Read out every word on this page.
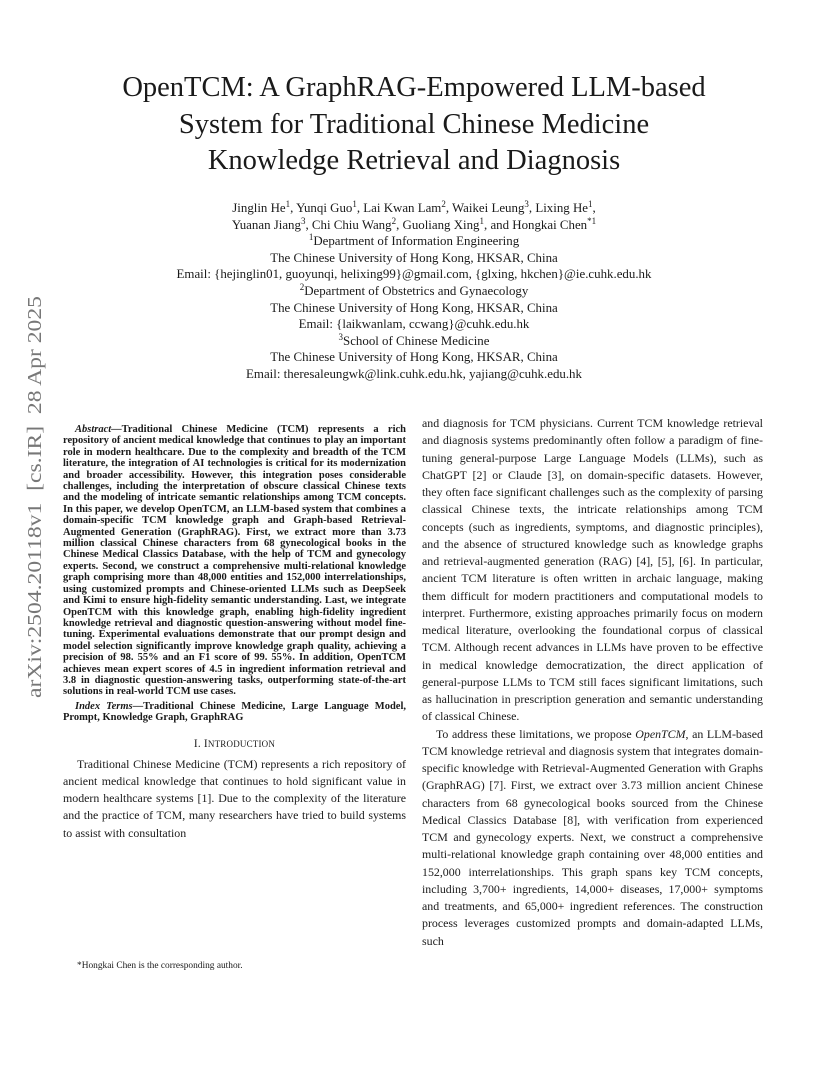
arXiv:2504.20118v1  [cs.IR]  28 Apr 2025
OpenTCM: A GraphRAG-Empowered LLM-based
System for Traditional Chinese Medicine
Knowledge Retrieval and Diagnosis
Jinglin He$^1$, Yunqi Guo$^1$, Lai Kwan Lam$^2$, Waikei Leung$^3$, Lixing He$^1$,
Yuanan Jiang$^3$, Chi Chiu Wang$^2$, Guoliang Xing$^1$, and Hongkai Chen$^{*1}$
$^1$Department of Information Engineering
The Chinese University of Hong Kong, HKSAR, China
Email: {hejinglin01, guoyunqi, helixing99}@gmail.com, {glxing, hkchen}@ie.cuhk.edu.hk
$^2$Department of Obstetrics and Gynaecology
The Chinese University of Hong Kong, HKSAR, China
Email: {laikwanlam, ccwang}@cuhk.edu.hk
$^3$School of Chinese Medicine
The Chinese University of Hong Kong, HKSAR, China
Email: theresaleungwk@link.cuhk.edu.hk, yajiang@cuhk.edu.hk

Abstract—Traditional Chinese Medicine (TCM) represents a rich repository of ancient medical knowledge that continues to play an important role in modern healthcare. Due to the complexity and breadth of the TCM literature, the integration of AI technologies is critical for its modernization and broader accessibility. However, this integration poses considerable challenges, including the interpretation of obscure classical Chinese texts and the modeling of intricate semantic relationships among TCM concepts. In this paper, we develop OpenTCM, an LLM-based system that combines a domain-specific TCM knowledge graph and Graph-based Retrieval-Augmented Generation (GraphRAG). First, we extract more than 3.73 million classical Chinese characters from 68 gynecological books in the Chinese Medical Classics Database, with the help of TCM and gynecology experts. Second, we construct a comprehensive multi-relational knowledge graph comprising more than 48,000 entities and 152,000 interrelationships, using customized prompts and Chinese-oriented LLMs such as DeepSeek and Kimi to ensure high-fidelity semantic understanding. Last, we integrate OpenTCM with this knowledge graph, enabling high-fidelity ingredient knowledge retrieval and diagnostic question-answering without model fine-tuning. Experimental evaluations demonstrate that our prompt design and model selection significantly improve knowledge graph quality, achieving a precision of 98. 55% and an F1 score of 99. 55%. In addition, OpenTCM achieves mean expert scores of 4.5 in ingredient information retrieval and 3.8 in diagnostic question-answering tasks, outperforming state-of-the-art solutions in real-world TCM use cases.

Index Terms—Traditional Chinese Medicine, Large Language Model, Prompt, Knowledge Graph, GraphRAG

I. INTRODUCTION

Traditional Chinese Medicine (TCM) represents a rich repository of ancient medical knowledge that continues to hold significant value in modern healthcare systems [1]. Due to the complexity of the literature and the practice of TCM, many researchers have tried to build systems to assist with consultation

and diagnosis for TCM physicians. Current TCM knowledge retrieval and diagnosis systems predominantly often follow a paradigm of fine-tuning general-purpose Large Language Models (LLMs), such as ChatGPT [2] or Claude [3], on domain-specific datasets. However, they often face significant challenges such as the complexity of parsing classical Chinese texts, the intricate relationships among TCM concepts (such as ingredients, symptoms, and diagnostic principles), and the absence of structured knowledge such as knowledge graphs and retrieval-augmented generation (RAG) [4], [5], [6]. In particular, ancient TCM literature is often written in archaic language, making them difficult for modern practitioners and computational models to interpret. Furthermore, existing approaches primarily focus on modern medical literature, overlooking the foundational corpus of classical TCM. Although recent advances in LLMs have proven to be effective in medical knowledge democratization, the direct application of general-purpose LLMs to TCM still faces significant limitations, such as hallucination in prescription generation and semantic understanding of classical Chinese.

To address these limitations, we propose OpenTCM, an LLM-based TCM knowledge retrieval and diagnosis system that integrates domain-specific knowledge with Retrieval-Augmented Generation with Graphs (GraphRAG) [7]. First, we extract over 3.73 million ancient Chinese characters from 68 gynecological books sourced from the Chinese Medical Classics Database [8], with verification from experienced TCM and gynecology experts. Next, we construct a comprehensive multi-relational knowledge graph containing over 48,000 entities and 152,000 interrelationships. This graph spans key TCM concepts, including 3,700+ ingredients, 14,000+ diseases, 17,000+ symptoms and treatments, and 65,000+ ingredient references. The construction process leverages customized prompts and domain-adapted LLMs, such

*Hongkai Chen is the corresponding author.
